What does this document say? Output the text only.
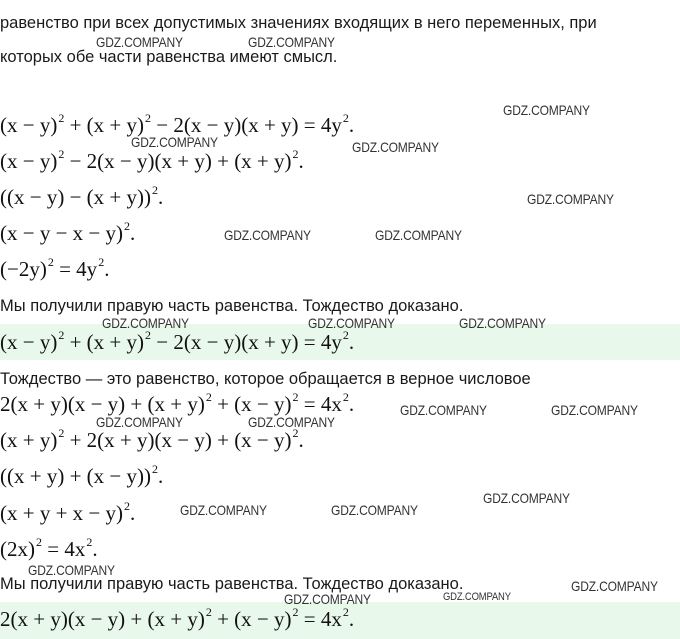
равенство при всех допустимых значениях входящих в него переменных, при
которых обе части равенства имеют смысл.
$(x - y)^2 + (x + y)^2 - 2(x - y)(x + y) = 4y^2$.
$(x - y)^2 - 2(x - y)(x + y) + (x + y)^2$.
$((x - y) - (x + y))^2$.
$(x - y - x - y)^2$.
$(-2y)^2 = 4y^2$.
Мы получили правую часть равенства. Тождество доказано.
$(x - y)^2 + (x + y)^2 - 2(x - y)(x + y) = 4y^2$.
Тождество — это равенство, которое обращается в верное числовое
$2(x + y)(x - y) + (x + y)^2 + (x - y)^2 = 4x^2$.
$(x + y)^2 + 2(x + y)(x - y) + (x - y)^2$.
$((x + y) + (x - y))^2$.
$(x + y + x - y)^2$.
$(2x)^2 = 4x^2$.
Мы получили правую часть равенства. Тождество доказано.
$2(x + y)(x - y) + (x + y)^2 + (x - y)^2 = 4x^2$.
GDZ.COMPANY	GDZ.COMPANY
GDZ.COMPANY
GDZ.COMPANY	GDZ.COMPANY
GDZ.COMPANY
GDZ.COMPANY	GDZ.COMPANY
GDZ.COMPANY	GDZ.COMPANY	GDZ.COMPANY
GDZ.COMPANY	GDZ.COMPANY
GDZ.COMPANY	GDZ.COMPANY
GDZ.COMPANY
GDZ.COMPANY	GDZ.COMPANY
GDZ.COMPANY
GDZ.COMPANY
GDZ.COMPANY	GDZ.COMPANY
